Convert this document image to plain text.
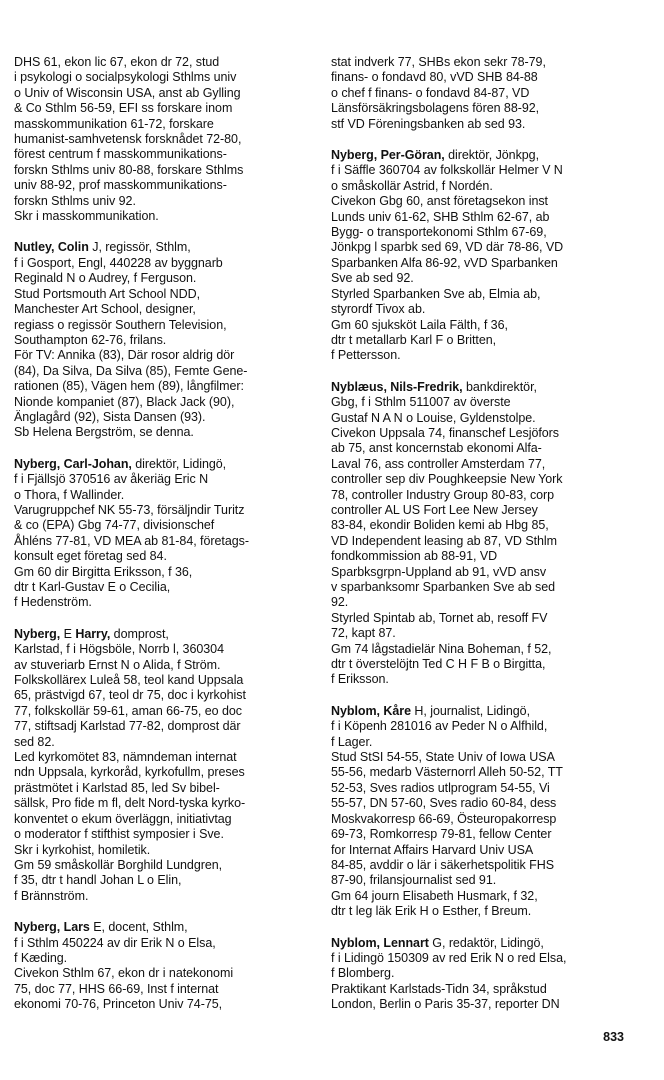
DHS 61, ekon lic 67, ekon dr 72, stud
i psykologi o socialpsykologi Sthlms univ
o Univ of Wisconsin USA, anst ab Gylling
& Co Sthlm 56-59, EFI ss forskare inom
masskommunikation 61-72, forskare
humanist-samhvetensk forsknådet 72-80,
förest centrum f masskommunikations-
forskn Sthlms univ 80-88, forskare Sthlms
univ 88-92, prof masskommunikations-
forskn Sthlms univ 92.
Skr i masskommunikation.
Nutley, Colin J, regissör, Sthlm,
f i Gosport, Engl, 440228 av byggnarb
Reginald N o Audrey, f Ferguson.
Stud Portsmouth Art School NDD,
Manchester Art School, designer,
regiass o regissör Southern Television,
Southampton 62-76, frilans.
För TV: Annika (83), Där rosor aldrig dör
(84), Da Silva, Da Silva (85), Femte Gene-
rationen (85), Vägen hem (89), långfilmer:
Nionde kompaniet (87), Black Jack (90),
Änglagård (92), Sista Dansen (93).
Sb Helena Bergström, se denna.
Nyberg, Carl-Johan, direktör, Lidingö,
f i Fjällsjö 370516 av åkeriäg Eric N
o Thora, f Wallinder.
Varugruppchef NK 55-73, försäljndir Turitz
& co (EPA) Gbg 74-77, divisionschef
Åhléns 77-81, VD MEA ab 81-84, företags-
konsult eget företag sed 84.
Gm 60 dir Birgitta Eriksson, f 36,
dtr t Karl-Gustav E o Cecilia,
f Hedenström.
Nyberg, E Harry, domprost,
Karlstad, f i Högsböle, Norrb l, 360304
av stuveriarb Ernst N o Alida, f Ström.
Folkskollärex Luleå 58, teol kand Uppsala
65, prästvigd 67, teol dr 75, doc i kyrkohist
77, folkskollär 59-61, aman 66-75, eo doc
77, stiftsadj Karlstad 77-82, domprost där
sed 82.
Led kyrkomötet 83, nämndeman internat
ndn Uppsala, kyrkoråd, kyrkofullm, preses
prästmötet i Karlstad 85, led Sv bibel-
sällsk, Pro fide m fl, delt Nord-tyska kyrko-
konventet o ekum överläggn, initiativtag
o moderator f stifthist symposier i Sve.
Skr i kyrkohist, homiletik.
Gm 59 småskollär Borghild Lundgren,
f 35, dtr t handl Johan L o Elin,
f Brännström.
Nyberg, Lars E, docent, Sthlm,
f i Sthlm 450224 av dir Erik N o Elsa,
f Kæding.
Civekon Sthlm 67, ekon dr i natekonomi
75, doc 77, HHS 66-69, Inst f internat
ekonomi 70-76, Princeton Univ 74-75,
stat indverk 77, SHBs ekon sekr 78-79,
finans- o fondavd 80, vVD SHB 84-88
o chef f finans- o fondavd 84-87, VD
Länsförsäkringsbolagens fören 88-92,
stf VD Föreningsbanken ab sed 93.
Nyberg, Per-Göran, direktör, Jönkpg,
f i Säffle 360704 av folkskollär Helmer V N
o småskollär Astrid, f Nordén.
Civekon Gbg 60, anst företagsekon inst
Lunds univ 61-62, SHB Sthlm 62-67, ab
Bygg- o transportekonomi Sthlm 67-69,
Jönkpg l sparbk sed 69, VD där 78-86, VD
Sparbanken Alfa 86-92, vVD Sparbanken
Sve ab sed 92.
Styrled Sparbanken Sve ab, Elmia ab,
styrordf Tivox ab.
Gm 60 sjuksköt Laila Fälth, f 36,
dtr t metallarb Karl F o Britten,
f Pettersson.
Nyblæus, Nils-Fredrik, bankdirektör,
Gbg, f i Sthlm 511007 av överste
Gustaf N A N o Louise, Gyldenstolpe.
Civekon Uppsala 74, finanschef Lesjöfors
ab 75, anst koncernstab ekonomi Alfa-
Laval 76, ass controller Amsterdam 77,
controller sep div Poughkeepsie New York
78, controller Industry Group 80-83, corp
controller AL US Fort Lee New Jersey
83-84, ekondir Boliden kemi ab Hbg 85,
VD Independent leasing ab 87, VD Sthlm
fondkommission ab 88-91, VD
Sparbksgrpn-Uppland ab 91, vVD ansv
v sparbanksomr Sparbanken Sve ab sed
92.
Styrled Spintab ab, Tornet ab, resoff FV
72, kapt 87.
Gm 74 lågstadielär Nina Boheman, f 52,
dtr t överstelöjtn Ted C H F B o Birgitta,
f Eriksson.
Nyblom, Kåre H, journalist, Lidingö,
f i Köpenh 281016 av Peder N o Alfhild,
f Lager.
Stud StSI 54-55, State Univ of Iowa USA
55-56, medarb Västernorrl Alleh 50-52, TT
52-53, Sves radios utlprogram 54-55, Vi
55-57, DN 57-60, Sves radio 60-84, dess
Moskvakorresp 66-69, Östeuropakorresp
69-73, Romkorresp 79-81, fellow Center
for Internat Affairs Harvard Univ USA
84-85, avddir o lär i säkerhetspolitik FHS
87-90, frilansjournalist sed 91.
Gm 64 journ Elisabeth Husmark, f 32,
dtr t leg läk Erik H o Esther, f Breum.
Nyblom, Lennart G, redaktör, Lidingö,
f i Lidingö 150309 av red Erik N o red Elsa,
f Blomberg.
Praktikant Karlstads-Tidn 34, språkstud
London, Berlin o Paris 35-37, reporter DN
833
